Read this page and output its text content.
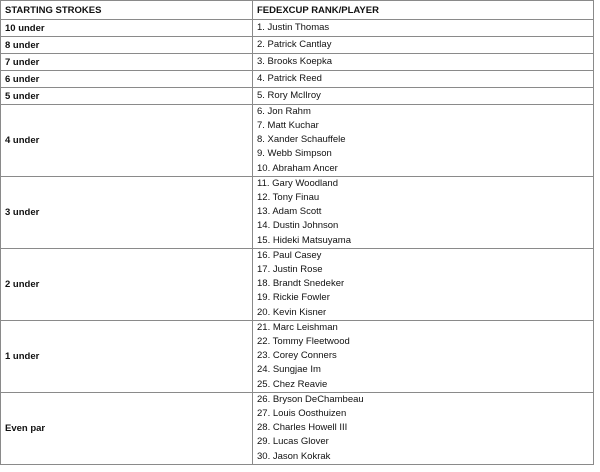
STARTING STROKES	FEDEXCUP RANK/PLAYER
10 under	1. Justin Thomas

8 under	2. Patrick Cantlay

7 under	3. Brooks Koepka

6 under	4. Patrick Reed

5 under	5. Rory McIlroy

4 under	6. Jon Rahm
7. Matt Kuchar
8. Xander Schauffele
9. Webb Simpson
10. Abraham Ancer

3 under	11. Gary Woodland
12. Tony Finau
13. Adam Scott
14. Dustin Johnson
15. Hideki Matsuyama

2 under	16. Paul Casey
17. Justin Rose
18. Brandt Snedeker
19. Rickie Fowler
20. Kevin Kisner

1 under	21. Marc Leishman
22. Tommy Fleetwood
23. Corey Conners
24. Sungjae Im
25. Chez Reavie

Even par	26. Bryson DeChambeau
27. Louis Oosthuizen
28. Charles Howell III
29. Lucas Glover
30. Jason Kokrak
